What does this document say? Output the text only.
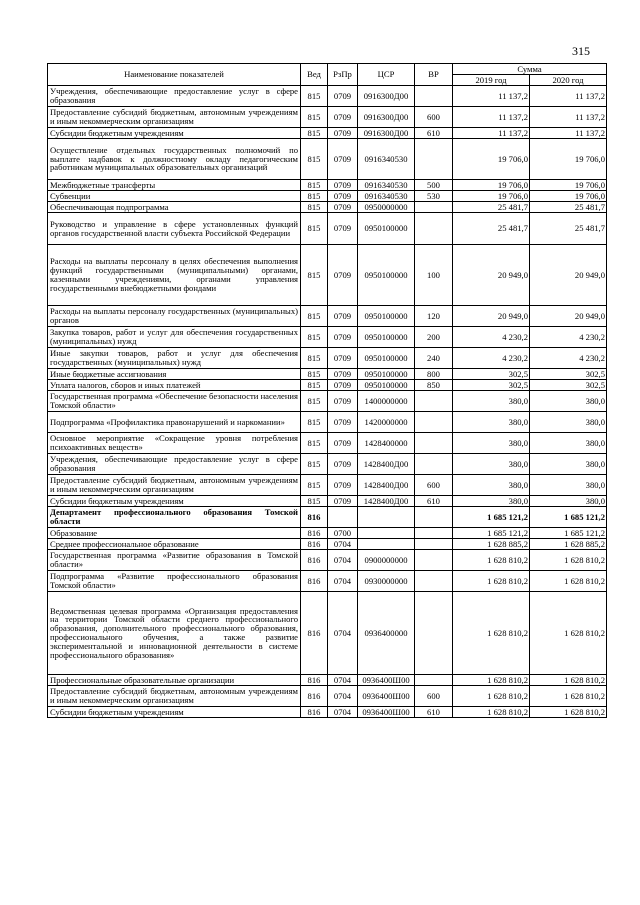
315
Наименование показателей	Вед	РзПр	ЦСР	ВР	Сумма	
					2019 год	2020 год
Учреждения, обеспечивающие предоставление услуг в сфере образования	815	0709	0916300Д00		11 137,2	11 137,2
Предоставление субсидий бюджетным, автономным учреждениям и иным некоммерческим организациям	815	0709	0916300Д00	600	11 137,2	11 137,2
Субсидии бюджетным учреждениям	815	0709	0916300Д00	610	11 137,2	11 137,2
Осуществление отдельных государственных полномочий по выплате надбавок к должностному окладу педагогическим работникам муниципальных образовательных организаций	815	0709	0916340530		19 706,0	19 706,0
Межбюджетные трансферты	815	0709	0916340530	500	19 706,0	19 706,0
Субвенции	815	0709	0916340530	530	19 706,0	19 706,0
Обеспечивающая подпрограмма	815	0709	0950000000		25 481,7	25 481,7
Руководство и управление в сфере установленных функций органов государственной власти субъекта Российской Федерации	815	0709	0950100000		25 481,7	25 481,7
Расходы на выплаты персоналу в целях обеспечения выполнения функций государственными (муниципальными) органами, казенными учреждениями, органами управления государственными внебюджетными фондами	815	0709	0950100000	100	20 949,0	20 949,0
Расходы на выплаты персоналу государственных (муниципальных) органов	815	0709	0950100000	120	20 949,0	20 949,0
Закупка товаров, работ и услуг для обеспечения государственных (муниципальных) нужд	815	0709	0950100000	200	4 230,2	4 230,2
Иные закупки товаров, работ и услуг для обеспечения государственных (муниципальных) нужд	815	0709	0950100000	240	4 230,2	4 230,2
Иные бюджетные ассигнования	815	0709	0950100000	800	302,5	302,5
Уплата налогов, сборов и иных платежей	815	0709	0950100000	850	302,5	302,5
Государственная программа «Обеспечение безопасности населения Томской области»	815	0709	1400000000		380,0	380,0
Подпрограмма «Профилактика правонарушений и наркомании»	815	0709	1420000000		380,0	380,0
Основное мероприятие «Сокращение уровня потребления психоактивных веществ»	815	0709	1428400000		380,0	380,0
Учреждения, обеспечивающие предоставление услуг в сфере образования	815	0709	1428400Д00		380,0	380,0
Предоставление субсидий бюджетным, автономным учреждениям и иным некоммерческим организациям	815	0709	1428400Д00	600	380,0	380,0
Субсидии бюджетным учреждениям	815	0709	1428400Д00	610	380,0	380,0
Департамент профессионального образования Томской области	816				1 685 121,2	1 685 121,2
Образование	816	0700			1 685 121,2	1 685 121,2
Среднее профессиональное образование	816	0704			1 628 885,2	1 628 885,2
Государственная программа «Развитие образования в Томской области»	816	0704	0900000000		1 628 810,2	1 628 810,2
Подпрограмма «Развитие профессионального образования Томской области»	816	0704	0930000000		1 628 810,2	1 628 810,2
Ведомственная целевая программа «Организация предоставления на территории Томской области среднего профессионального образования, дополнительного профессионального образования, профессионального обучения, а также развитие экспериментальной и инновационной деятельности в системе профессионального образования»	816	0704	0936400000		1 628 810,2	1 628 810,2
Профессиональные образовательные организации	816	0704	0936400Ш00		1 628 810,2	1 628 810,2
Предоставление субсидий бюджетным, автономным учреждениям и иным некоммерческим организациям	816	0704	0936400Ш00	600	1 628 810,2	1 628 810,2
Субсидии бюджетным учреждениям	816	0704	0936400Ш00	610	1 628 810,2	1 628 810,2
